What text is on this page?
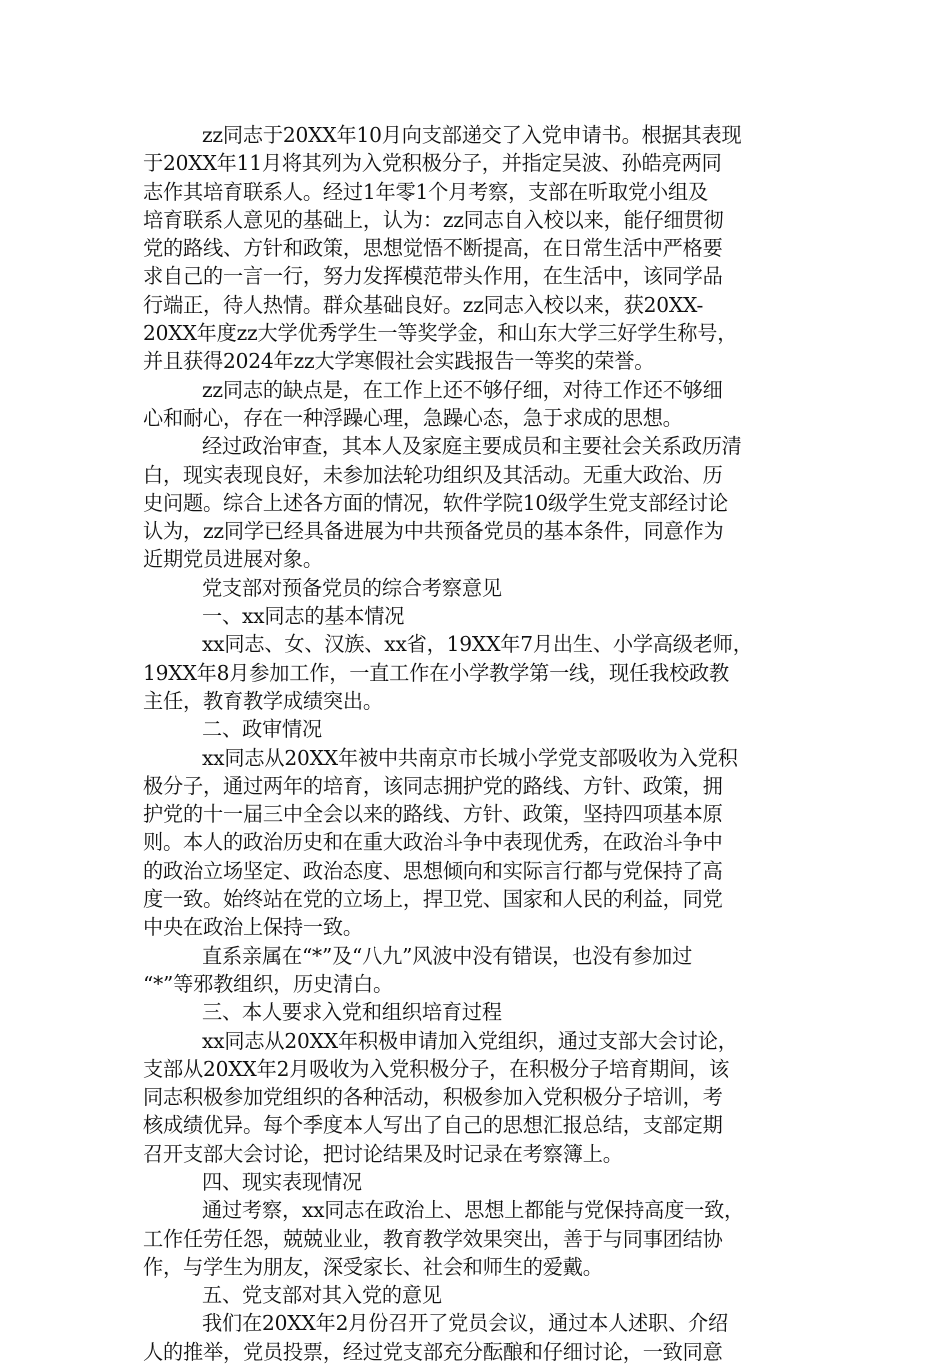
zz同志于20XX年10月向支部递交了入党申请书。根据其表现
于20XX年11月将其列为入党积极分子，并指定吴波、孙皓亮两同
志作其培育联系人。经过1年零1个月考察，支部在听取党小组及
培育联系人意见的基础上，认为：zz同志自入校以来，能仔细贯彻
党的路线、方针和政策，思想觉悟不断提高，在日常生活中严格要
求自己的一言一行，努力发挥模范带头作用，在生活中，该同学品
行端正，待人热情。群众基础良好。zz同志入校以来，获20XX-
20XX年度zz大学优秀学生一等奖学金，和山东大学三好学生称号，
并且获得2024年zz大学寒假社会实践报告一等奖的荣誉。

zz同志的缺点是，在工作上还不够仔细，对待工作还不够细
心和耐心，存在一种浮躁心理，急躁心态，急于求成的思想。

经过政治审查，其本人及家庭主要成员和主要社会关系政历清
白，现实表现良好，未参加法轮功组织及其活动。无重大政治、历
史问题。综合上述各方面的情况，软件学院10级学生党支部经讨论
认为，zz同学已经具备进展为中共预备党员的基本条件，同意作为
近期党员进展对象。

党支部对预备党员的综合考察意见

一、xx同志的基本情况

xx同志、女、汉族、xx省，19XX年7月出生、小学高级老师，
19XX年8月参加工作，一直工作在小学教学第一线，现任我校政教
主任，教育教学成绩突出。

二、政审情况

xx同志从20XX年被中共南京市长城小学党支部吸收为入党积
极分子，通过两年的培育，该同志拥护党的路线、方针、政策，拥
护党的十一届三中全会以来的路线、方针、政策，坚持四项基本原
则。本人的政治历史和在重大政治斗争中表现优秀，在政治斗争中
的政治立场坚定、政治态度、思想倾向和实际言行都与党保持了高
度一致。始终站在党的立场上，捍卫党、国家和人民的利益，同党
中央在政治上保持一致。

直系亲属在“*”及“八九”风波中没有错误，也没有参加过
“*”等邪教组织，历史清白。

三、本人要求入党和组织培育过程

xx同志从20XX年积极申请加入党组织，通过支部大会讨论，
支部从20XX年2月吸收为入党积极分子，在积极分子培育期间，该
同志积极参加党组织的各种活动，积极参加入党积极分子培训，考
核成绩优异。每个季度本人写出了自己的思想汇报总结，支部定期
召开支部大会讨论，把讨论结果及时记录在考察簿上。

四、现实表现情况

通过考察，xx同志在政治上、思想上都能与党保持高度一致，
工作任劳任怨，兢兢业业，教育教学效果突出，善于与同事团结协
作，与学生为朋友，深受家长、社会和师生的爱戴。

五、党支部对其入党的意见

我们在20XX年2月份召开了党员会议，通过本人述职、介绍
人的推举，党员投票，经过党支部充分酝酿和仔细讨论，一致同意
